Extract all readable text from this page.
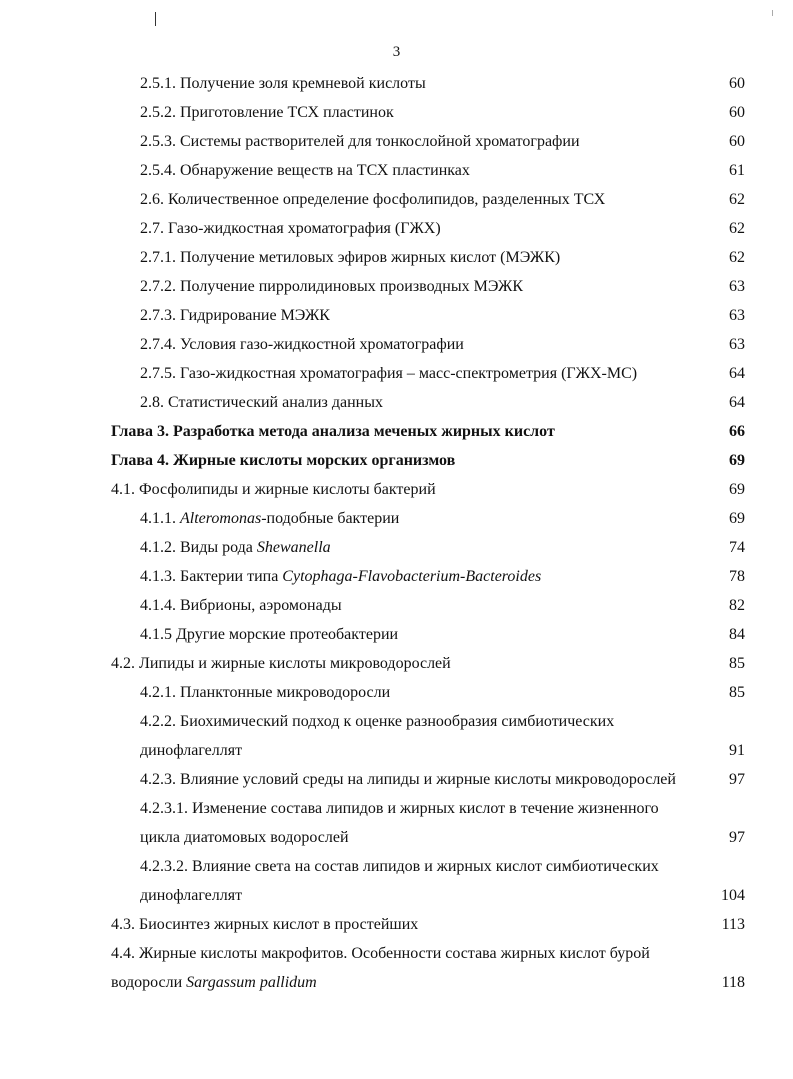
3
2.5.1. Получение золя кремневой кислоты	60
2.5.2. Приготовление ТСХ пластинок	60
2.5.3. Системы растворителей для тонкослойной хроматографии	60
2.5.4. Обнаружение веществ на ТСХ пластинках	61
2.6. Количественное определение фосфолипидов, разделенных ТСХ	62
2.7. Газо-жидкостная хроматография (ГЖХ)	62
2.7.1. Получение метиловых эфиров жирных кислот (МЭЖК)	62
2.7.2. Получение пирролидиновых производных МЭЖК	63
2.7.3. Гидрирование МЭЖК	63
2.7.4. Условия газо-жидкостной хроматографии	63
2.7.5. Газо-жидкостная хроматография – масс-спектрометрия (ГЖХ-МС)	64
2.8. Статистический анализ данных	64
Глава 3. Разработка метода анализа меченых жирных кислот	66
Глава 4. Жирные кислоты морских организмов	69
4.1. Фосфолипиды и жирные кислоты бактерий	69
4.1.1. Alteromonas-подобные бактерии	69
4.1.2. Виды рода Shewanella	74
4.1.3. Бактерии типа Cytophaga-Flavobacterium-Bacteroides	78
4.1.4. Вибрионы, аэромонады	82
4.1.5 Другие морские протеобактерии	84
4.2. Липиды и жирные кислоты микроводорослей	85
4.2.1. Планктонные микроводоросли	85
4.2.2. Биохимический подход к оценке разнообразия симбиотических
динофлагеллят	91
4.2.3. Влияние условий среды на липиды и жирные кислоты микроводорослей	97
4.2.3.1. Изменение состава липидов и жирных кислот в течение жизненного
цикла диатомовых водорослей	97
4.2.3.2. Влияние света на состав липидов и жирных кислот симбиотических
динофлагеллят	104
4.3. Биосинтез жирных кислот в простейших	113
4.4. Жирные кислоты макрофитов. Особенности состава жирных кислот бурой
водоросли Sargassum pallidum	118
